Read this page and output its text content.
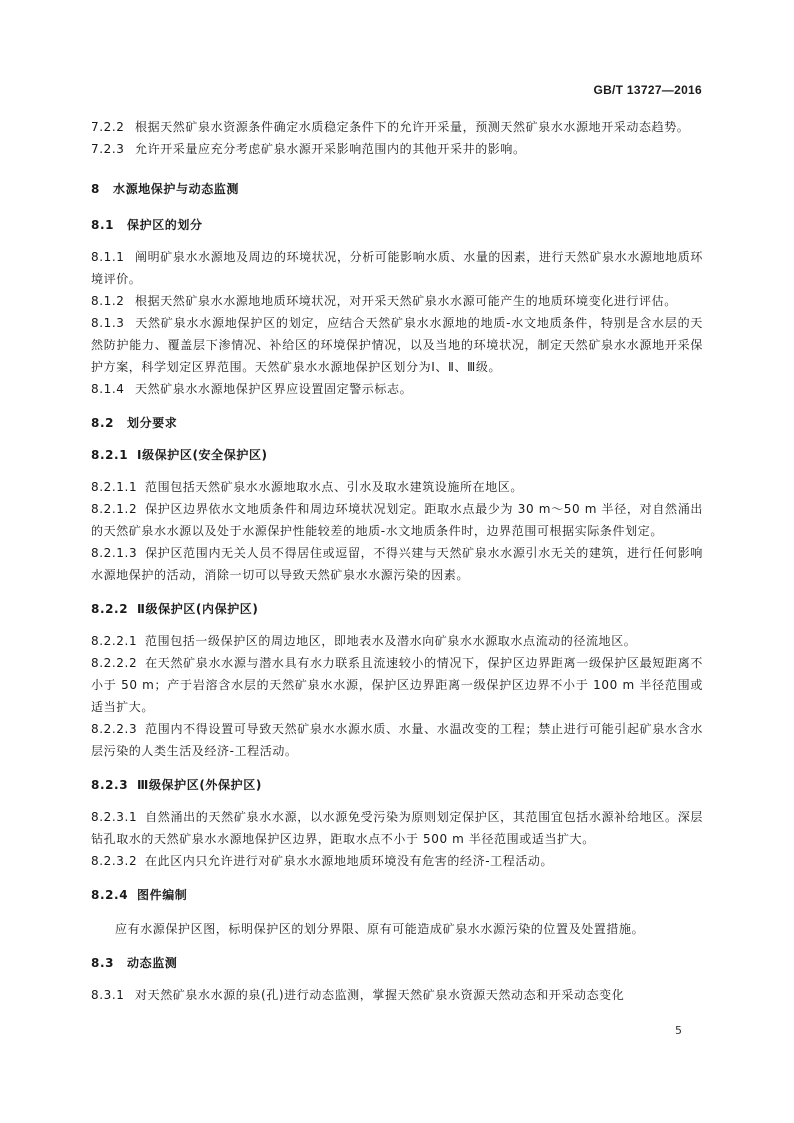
GB/T 13727—2016

7.2.2 根据天然矿泉水资源条件确定水质稳定条件下的允许开采量，预测天然矿泉水水源地开采动态趋势。

7.2.3 允许开采量应充分考虑矿泉水源开采影响范围内的其他开采井的影响。

8 水源地保护与动态监测

8.1 保护区的划分

8.1.1 阐明矿泉水水源地及周边的环境状况，分析可能影响水质、水量的因素，进行天然矿泉水水源地地质环境评价。

8.1.2 根据天然矿泉水水源地地质环境状况，对开采天然矿泉水水源可能产生的地质环境变化进行评估。

8.1.3 天然矿泉水水源地保护区的划定，应结合天然矿泉水水源地的地质-水文地质条件，特别是含水层的天然防护能力、覆盖层下渗情况、补给区的环境保护情况，以及当地的环境状况，制定天然矿泉水水源地开采保护方案，科学划定区界范围。天然矿泉水水源地保护区划分为Ⅰ、Ⅱ、Ⅲ级。

8.1.4 天然矿泉水水源地保护区界应设置固定警示标志。

8.2 划分要求

8.2.1 Ⅰ级保护区(安全保护区)

8.2.1.1 范围包括天然矿泉水水源地取水点、引水及取水建筑设施所在地区。

8.2.1.2 保护区边界依水文地质条件和周边环境状况划定。距取水点最少为 30 m～50 m 半径，对自然涌出的天然矿泉水水源以及处于水源保护性能较差的地质-水文地质条件时，边界范围可根据实际条件划定。

8.2.1.3 保护区范围内无关人员不得居住或逗留，不得兴建与天然矿泉水水源引水无关的建筑，进行任何影响水源地保护的活动，消除一切可以导致天然矿泉水水源污染的因素。

8.2.2 Ⅱ级保护区(内保护区)

8.2.2.1 范围包括一级保护区的周边地区，即地表水及潜水向矿泉水水源取水点流动的径流地区。

8.2.2.2 在天然矿泉水水源与潜水具有水力联系且流速较小的情况下，保护区边界距离一级保护区最短距离不小于 50 m；产于岩溶含水层的天然矿泉水水源，保护区边界距离一级保护区边界不小于 100 m 半径范围或适当扩大。

8.2.2.3 范围内不得设置可导致天然矿泉水水源水质、水量、水温改变的工程；禁止进行可能引起矿泉水含水层污染的人类生活及经济-工程活动。

8.2.3 Ⅲ级保护区(外保护区)

8.2.3.1 自然涌出的天然矿泉水水源，以水源免受污染为原则划定保护区，其范围宜包括水源补给地区。深层钻孔取水的天然矿泉水水源地保护区边界，距取水点不小于 500 m 半径范围或适当扩大。

8.2.3.2 在此区内只允许进行对矿泉水水源地地质环境没有危害的经济-工程活动。

8.2.4 图件编制

应有水源保护区图，标明保护区的划分界限、原有可能造成矿泉水水源污染的位置及处置措施。

8.3 动态监测

8.3.1 对天然矿泉水水源的泉(孔)进行动态监测，掌握天然矿泉水资源天然动态和开采动态变化

5
